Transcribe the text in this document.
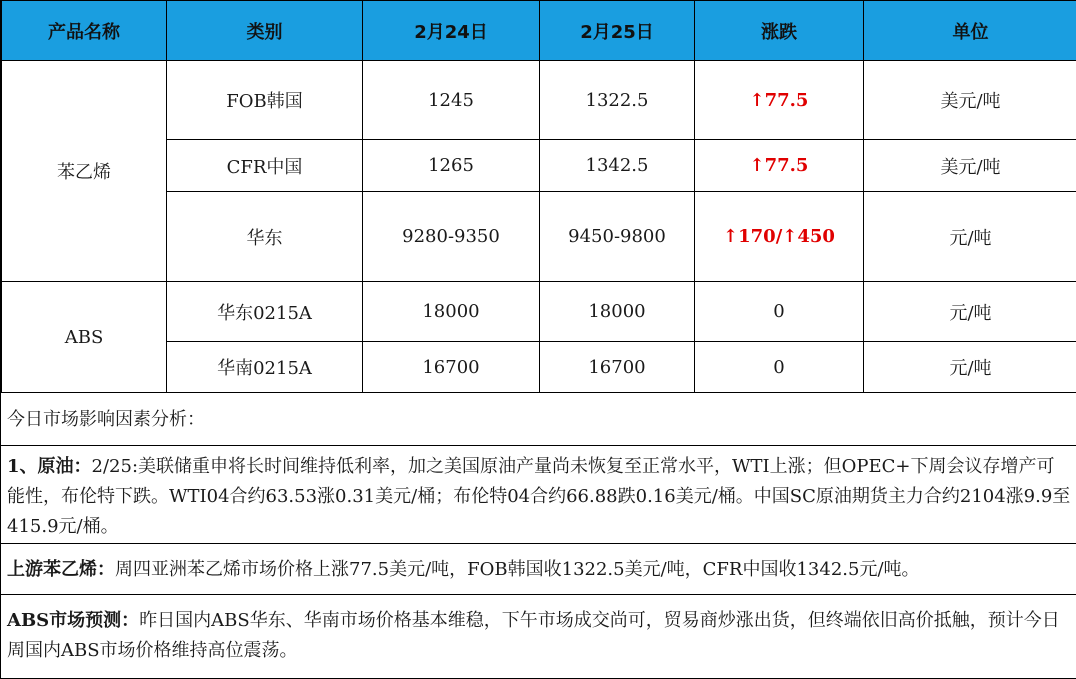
产品名称	类别	2月24日	2月25日	涨跌	单位
苯乙烯	FOB韩国	1245	1322.5	↑77.5	美元/吨
	CFR中国	1265	1342.5	↑77.5	美元/吨
	华东	9280-9350	9450-9800	↑170/↑450	元/吨
ABS	华东0215A	18000	18000	0	元/吨
	华南0215A	16700	16700	0	元/吨
今日市场影响因素分析：
1、原油：2/25:美联储重申将长时间维持低利率，加之美国原油产量尚未恢复至正常水平，WTI上涨；但OPEC+下周会议存增产可能性，布伦特下跌。WTI04合约63.53涨0.31美元/桶；布伦特04合约66.88跌0.16美元/桶。中国SC原油期货主力合约2104涨9.9至415.9元/桶。
上游苯乙烯：周四亚洲苯乙烯市场价格上涨77.5美元/吨，FOB韩国收1322.5美元/吨，CFR中国收1342.5元/吨。
ABS市场预测：昨日国内ABS华东、华南市场价格基本维稳，下午市场成交尚可，贸易商炒涨出货，但终端依旧高价抵触，预计今日周国内ABS市场价格维持高位震荡。
